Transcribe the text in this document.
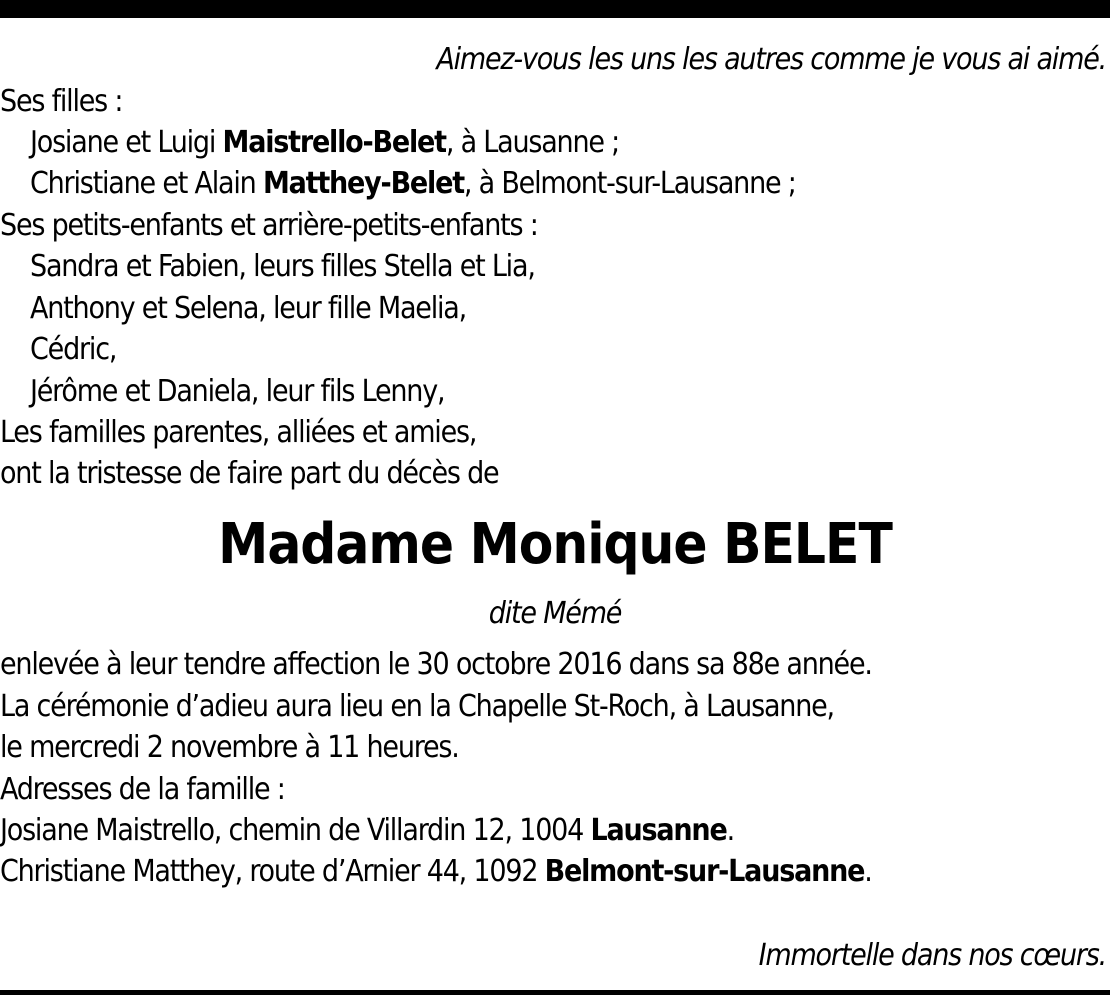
Aimez-vous les uns les autres comme je vous ai aimé.
Ses filles :
Josiane et Luigi Maistrello-Belet, à Lausanne ;
Christiane et Alain Matthey-Belet, à Belmont-sur-Lausanne ;
Ses petits-enfants et arrière-petits-enfants :
Sandra et Fabien, leurs filles Stella et Lia,
Anthony et Selena, leur fille Maelia,
Cédric,
Jérôme et Daniela, leur fils Lenny,
Les familles parentes, alliées et amies,
ont la tristesse de faire part du décès de
Madame Monique BELET
dite Mémé
enlevée à leur tendre affection le 30 octobre 2016 dans sa 88e année.
La cérémonie d’adieu aura lieu en la Chapelle St-Roch, à Lausanne,
le mercredi 2 novembre à 11 heures.
Adresses de la famille :
Josiane Maistrello, chemin de Villardin 12, 1004 Lausanne.
Christiane Matthey, route d’Arnier 44, 1092 Belmont-sur-Lausanne.
Immortelle dans nos cœurs.
